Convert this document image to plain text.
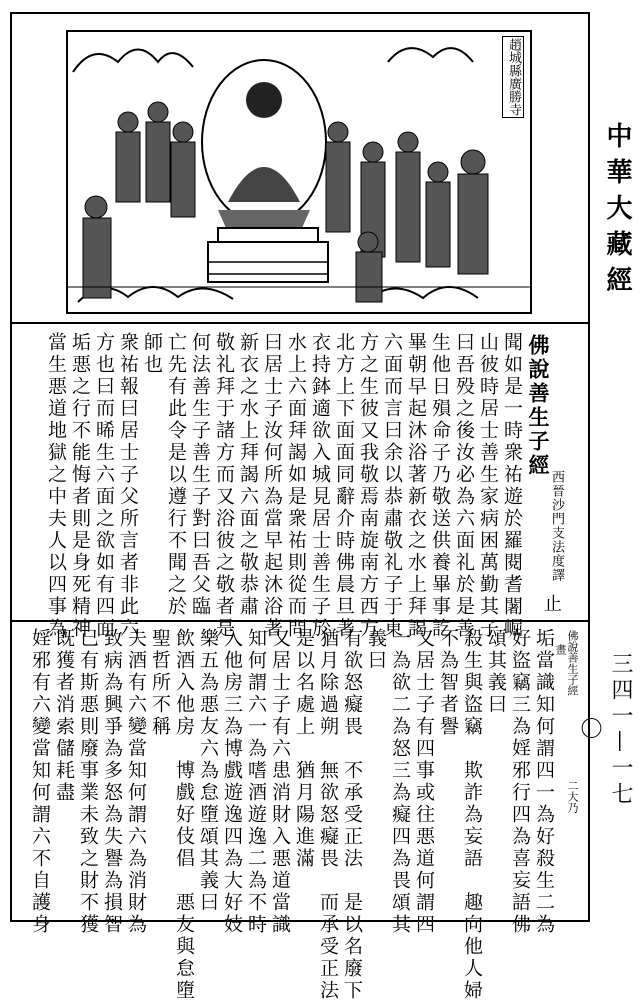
趙城縣廣勝寺
中華大藏經
三四一—一七〇
佛說善生子經
西晉沙門支法度譯
止
聞如是一時衆祐遊於羅閱耆闍崛
山彼時居士善生家病困萬勤其子
曰吾殁之後汝必為六面礼於是善
生他日殞命子乃敬送供養畢事訖
畢朝早起沐浴著新衣之水上拜謁
六面而言曰余以恭肅敬礼子于東
方之生彼又我敬焉南旋南方西方
北方上下面面同辭介時佛晨旦著
衣持鉢適欲入城見居士善生子於
水上六面拜謁如是衆祐則從而問
曰居士子汝何所為當早起沐浴著
新衣之水上拜謁六面之敬恭肅
敬礼拜于諸方而又浴彼之敬者是
何法善生子善生子對曰吾父臨
亡先有此令是以遵行不聞之於
師也
衆祐報曰居士子父所言者非此六
方也曰而晞生六面之欲如有四面
垢悪之行不能悔者則是身死精神
當生悪道地獄之中夫人以四事為
垢當識知何謂四一為好殺生二為
好盜竊三為婬邪行四為喜妄語佛
頌其義曰
殺生與盜竊　欺詐為妄語　趣向他人婦
不為智者譽
又居士子有四事或往悪道何謂四
一為欲二為怒三為癡四為畏頌其
義曰
有欲怒癡畏　不承受正法　是以名廢下
猶月除過朔　無欲怒癡畏　而承受正法
是以名處上　猶月陽進滿
又居士子有六患消財入悪道當識
知何謂六一為嗜酒遊逸二為不時
入他房三為博戲遊逸四為大好妓
樂五為悪友六為怠墮頌其義曰
飲酒入他房　博戲好伎倡　悪友與怠墮
聖哲所不稱
夫酒有六變當知何謂六為消財為
致病為興爭為多怒為失譽為損智
已有斯悪則廢事業未致之財不獲
既獲者消索儲耗盡
婬邪有六變當知何謂六不自護身	佛說善生子經
畫
二大乃
